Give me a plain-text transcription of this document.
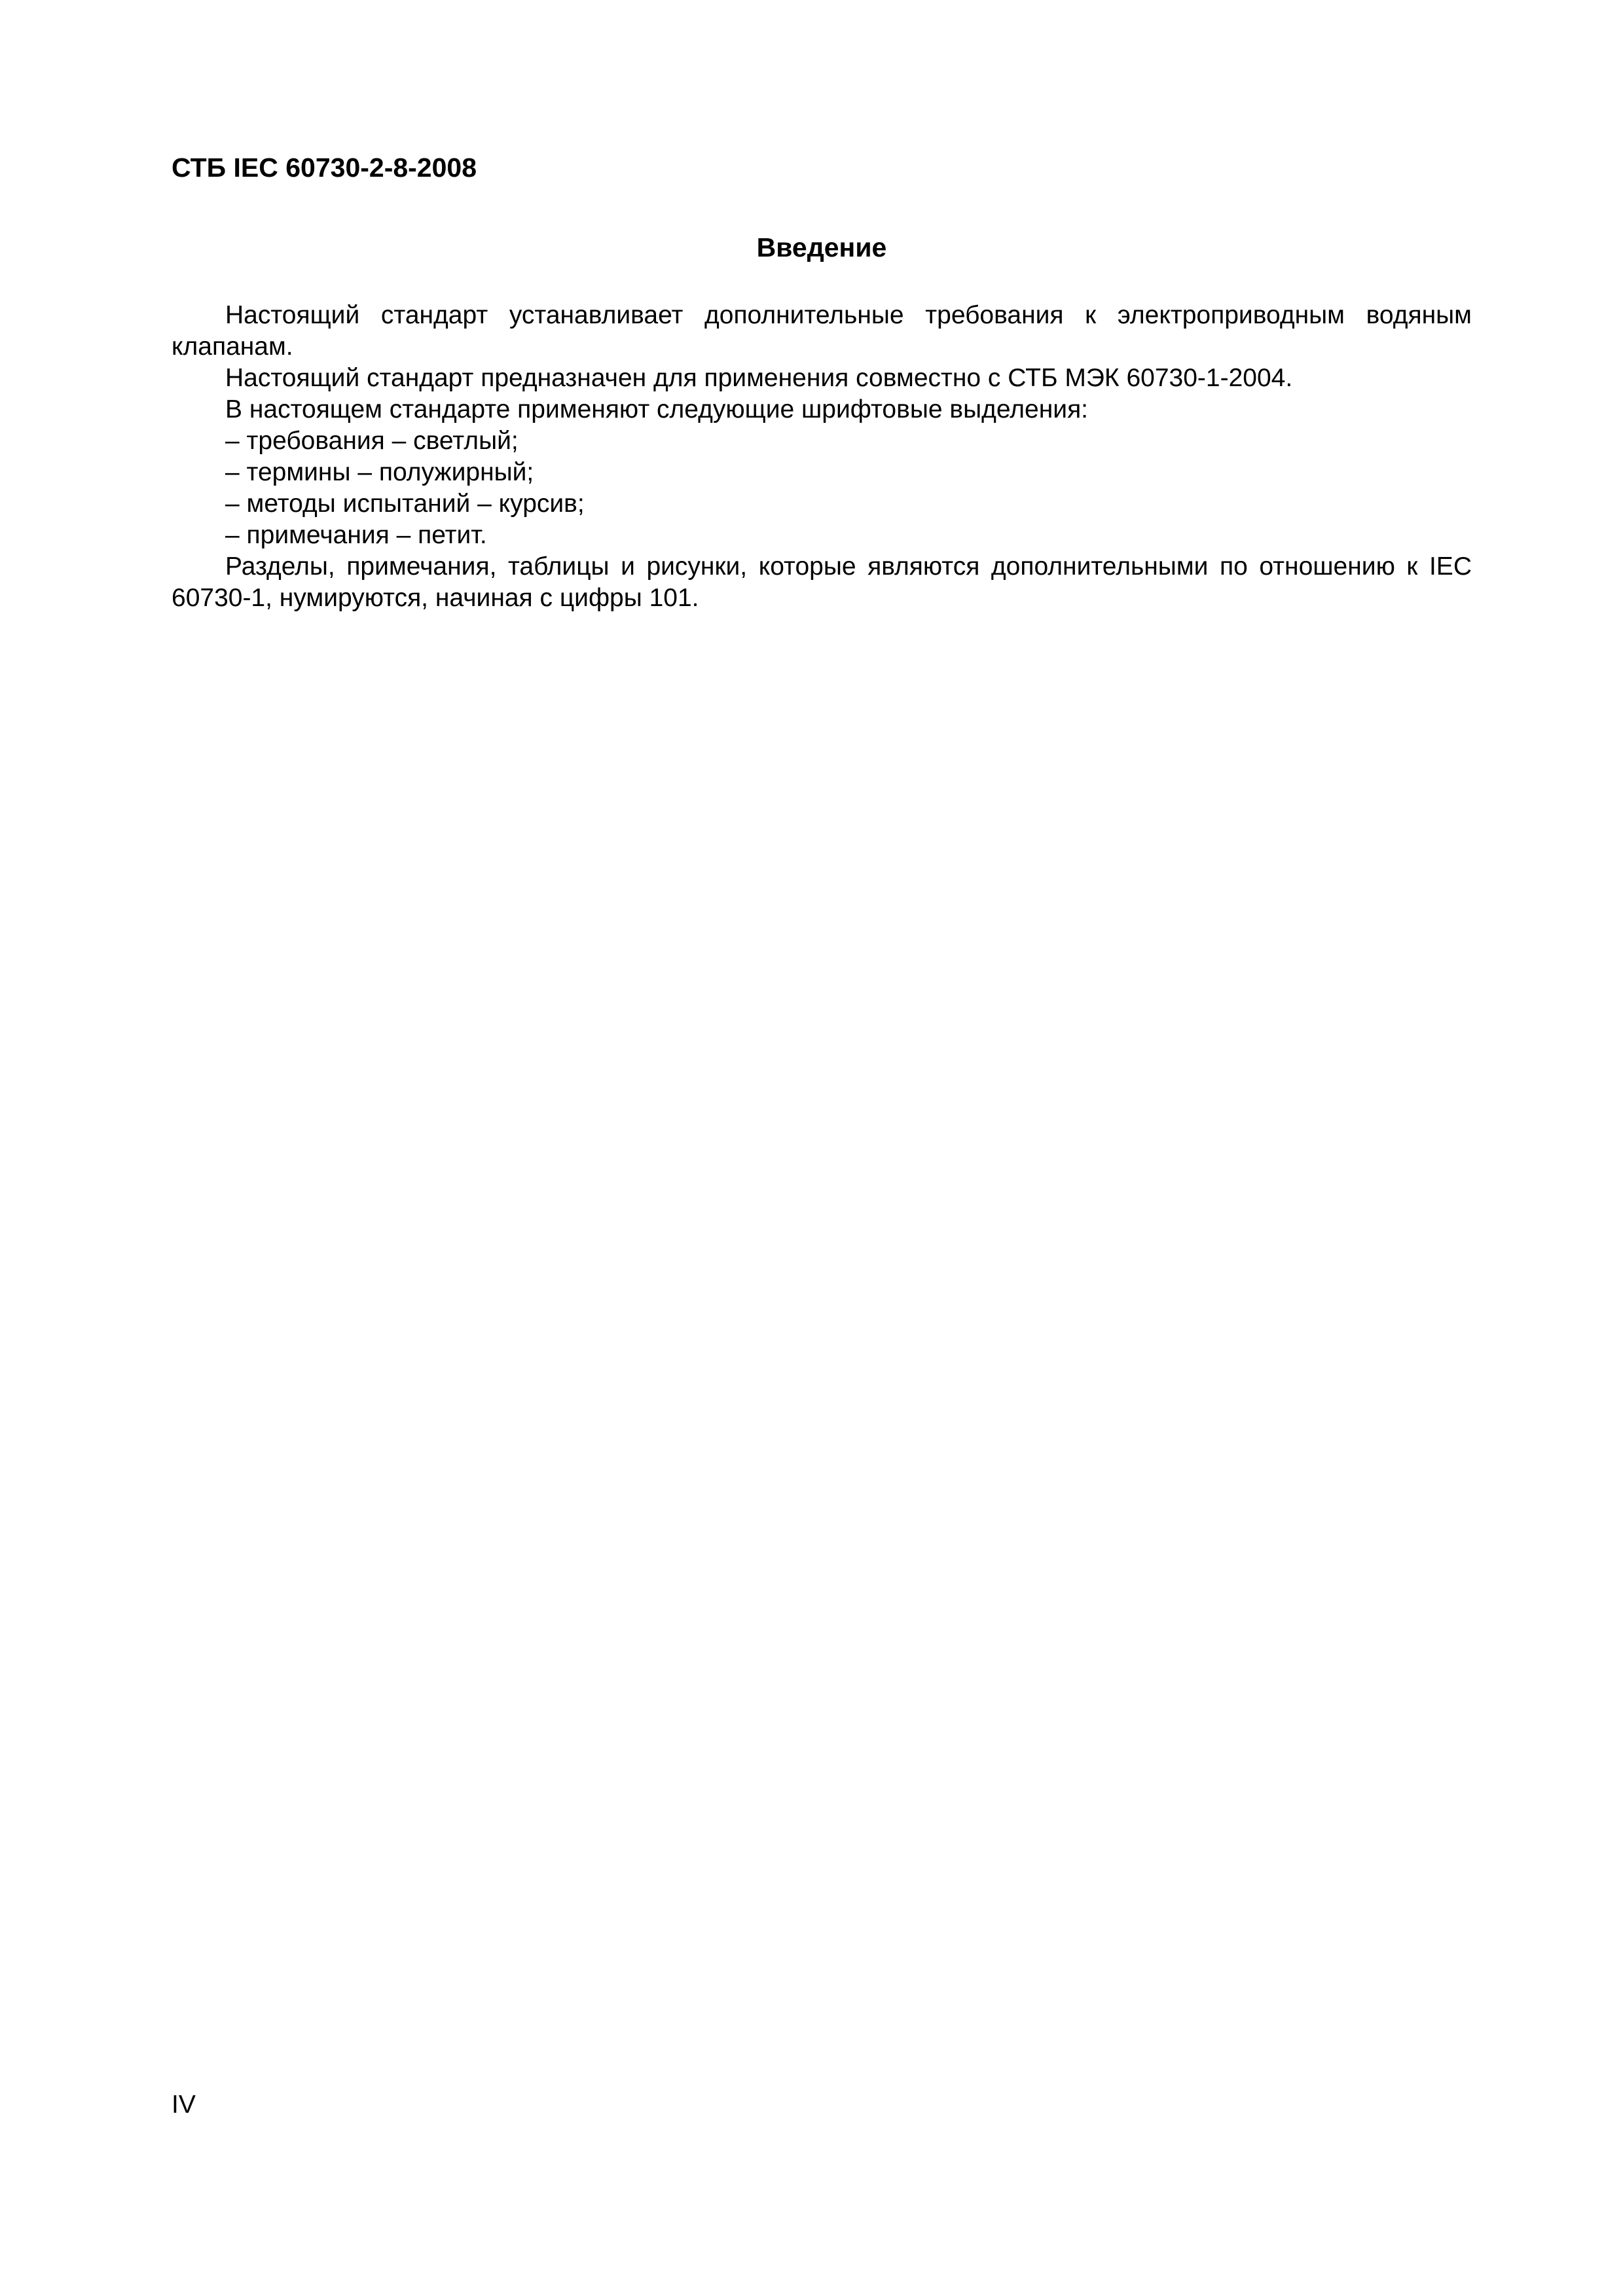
СТБ IEC 60730-2-8-2008
Введение

Настоящий стандарт устанавливает дополнительные требования к электроприводным водяным клапанам.

Настоящий стандарт предназначен для применения совместно с СТБ МЭК 60730-1-2004.

В настоящем стандарте применяют следующие шрифтовые выделения:

– требования – светлый;

– термины – полужирный;

– методы испытаний – курсив;

– примечания – петит.

Разделы, примечания, таблицы и рисунки, которые являются дополнительными по отношению к IEC 60730-1, нумируются, начиная с цифры 101.

IV
